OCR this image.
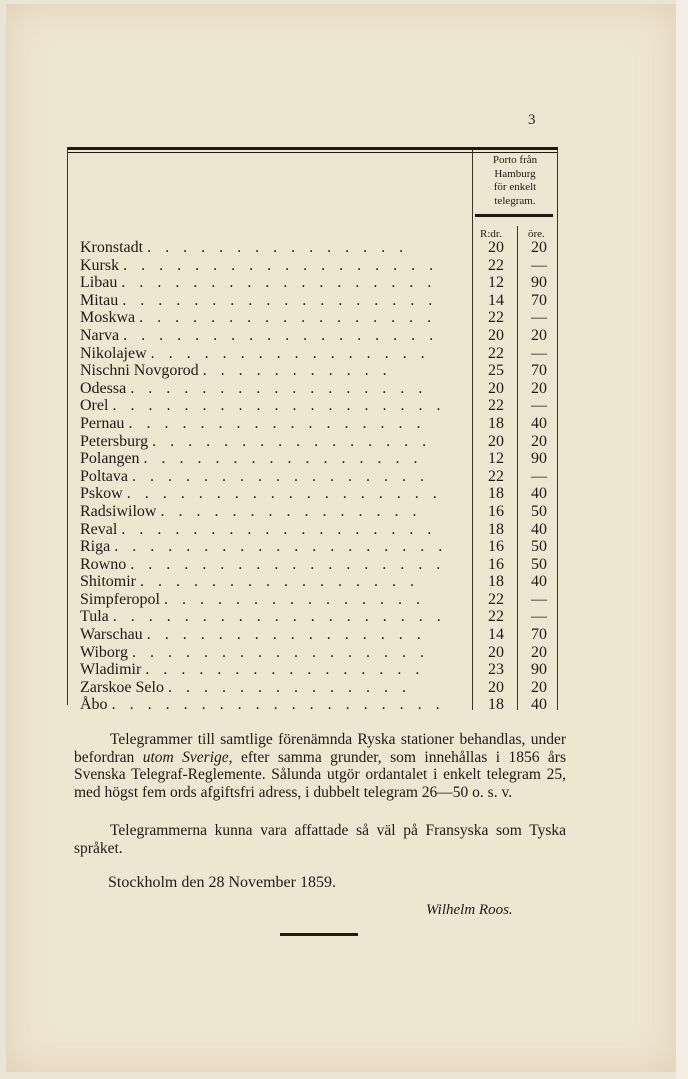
3
Porto från
Hamburg
för enkelt
telegram.
R:dr. öre.
Kronstadt . . . . . . . . . . . . . . .	20	20
Kursk . . . . . . . . . . . . . . . . . .	22	—
Libau . . . . . . . . . . . . . . . . . .	12	90
Mitau . . . . . . . . . . . . . . . . . .	14	70
Moskwa . . . . . . . . . . . . . . . . .	22	—
Narva . . . . . . . . . . . . . . . . . .	20	20
Nikolajew . . . . . . . . . . . . . . . .	22	—
Nischni Novgorod . . . . . . . . . . .	25	70
Odessa . . . . . . . . . . . . . . . . .	20	20
Orel . . . . . . . . . . . . . . . . . . .	22	—
Pernau . . . . . . . . . . . . . . . . .	18	40
Petersburg . . . . . . . . . . . . . . . .	20	20
Polangen . . . . . . . . . . . . . . . .	12	90
Poltava . . . . . . . . . . . . . . . . .	22	—
Pskow . . . . . . . . . . . . . . . . . .	18	40
Radsiwilow . . . . . . . . . . . . . . .	16	50
Reval . . . . . . . . . . . . . . . . . .	18	40
Riga . . . . . . . . . . . . . . . . . . .	16	50
Rowno . . . . . . . . . . . . . . . . . .	16	50
Shitomir . . . . . . . . . . . . . . . .	18	40
Simpferopol . . . . . . . . . . . . . . .	22	—
Tula . . . . . . . . . . . . . . . . . . .	22	—
Warschau . . . . . . . . . . . . . . . .	14	70
Wiborg . . . . . . . . . . . . . . . . .	20	20
Wladimir . . . . . . . . . . . . . . . .	23	90
Zarskoe Selo . . . . . . . . . . . . . .	20	20
Åbo . . . . . . . . . . . . . . . . . . .	18	40
Telegrammer till samtlige förenämnda Ryska stationer behandlas, under befordran utom Sverige, efter samma grunder, som innehållas i 1856 års Svenska Telegraf-Reglemente. Sålunda utgör ordantalet i enkelt telegram 25, med högst fem ords afgiftsfri adress, i dubbelt telegram 26—50 o. s. v.
Telegrammerna kunna vara affattade så väl på Fransyska som Tyska språket.
Stockholm den 28 November 1859.
Wilhelm Roos.
